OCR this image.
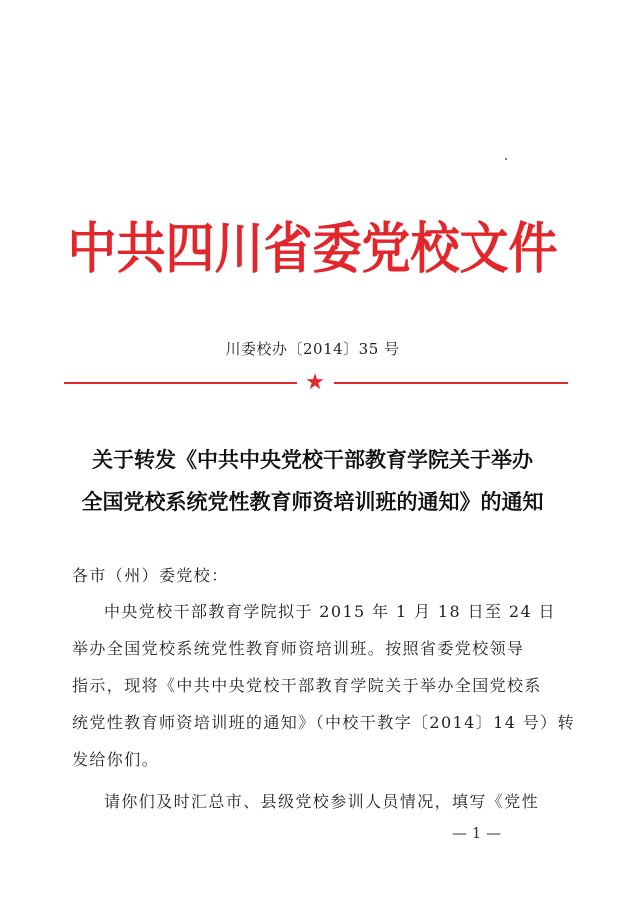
中共四川省委党校文件
川委校办〔2014〕35 号
★
关于转发《中共中央党校干部教育学院关于举办
全国党校系统党性教育师资培训班的通知》的通知
各市（州）委党校：
中央党校干部教育学院拟于 2015 年 1 月 18 日至 24 日
举办全国党校系统党性教育师资培训班。按照省委党校领导
指示，现将《中共中央党校干部教育学院关于举办全国党校系
统党性教育师资培训班的通知》（中校干教字〔2014〕14 号）转
发给你们。
请你们及时汇总市、县级党校参训人员情况，填写《党性
— 1 —
